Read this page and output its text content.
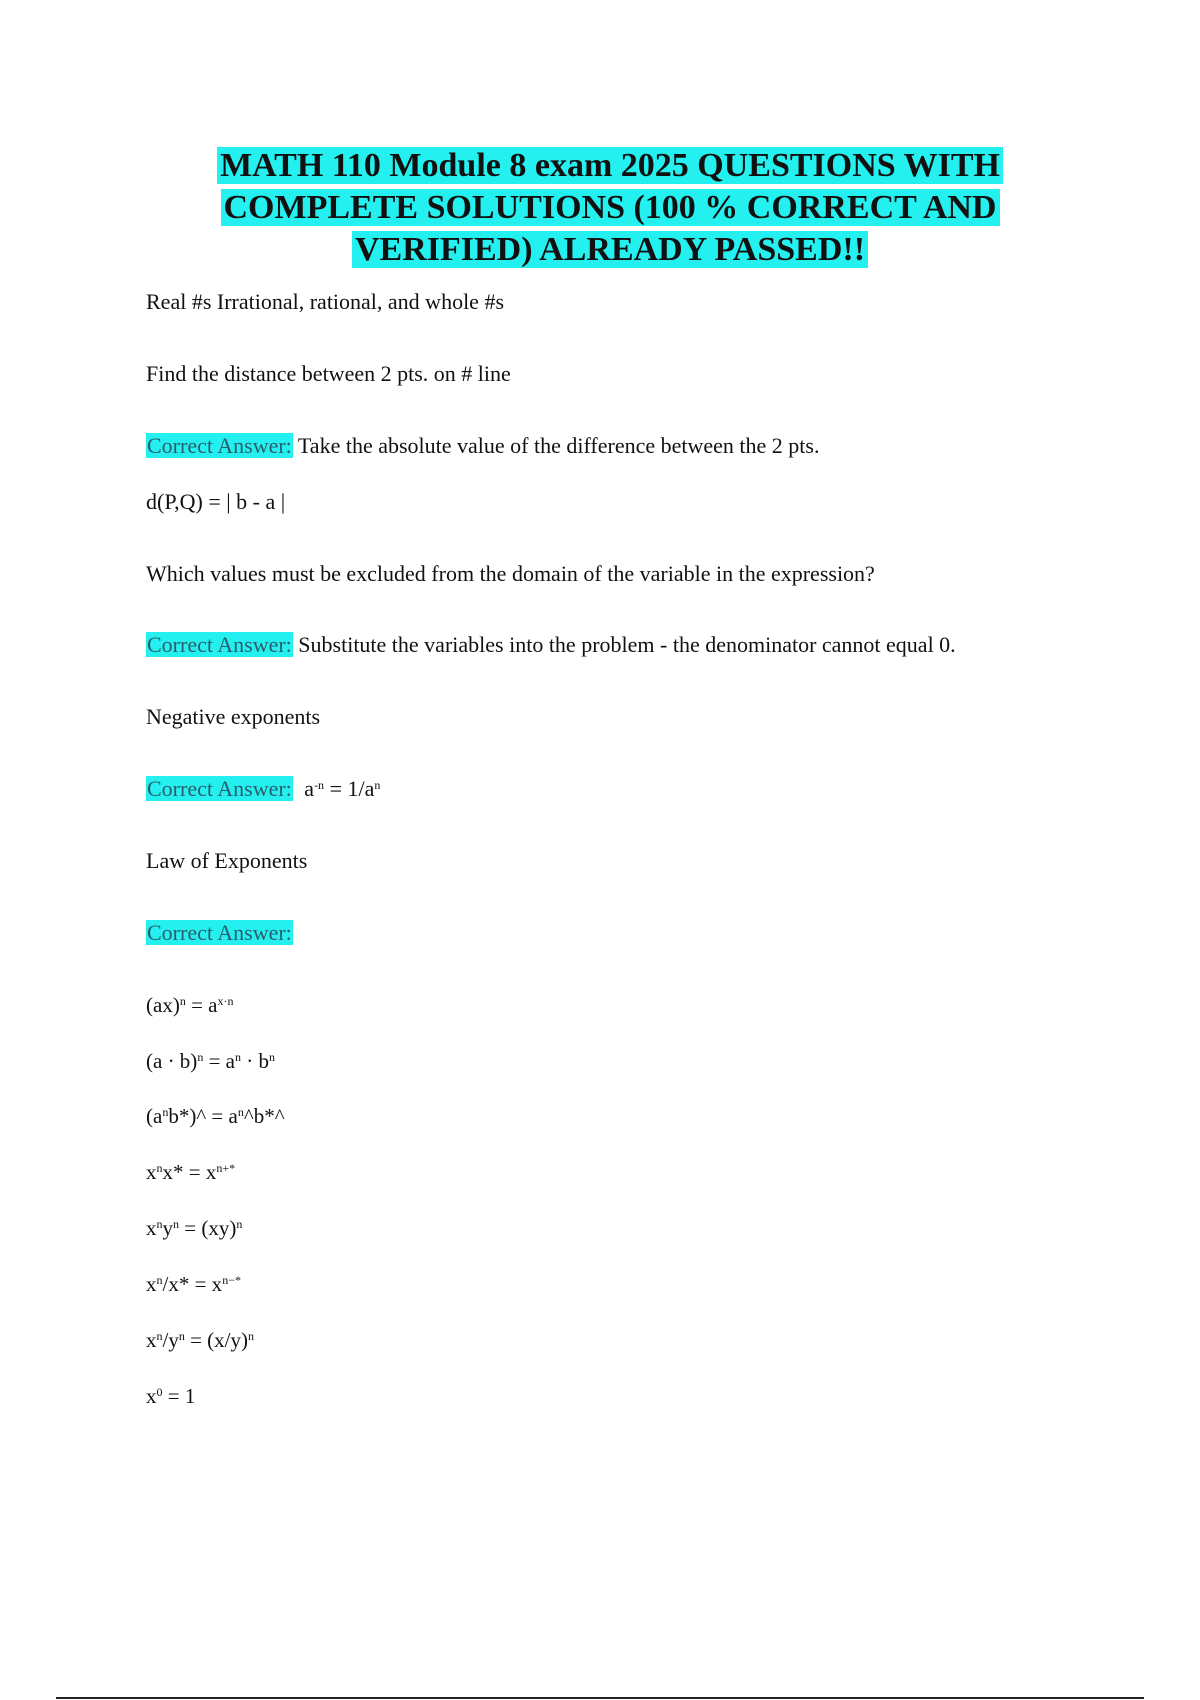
MATH 110 Module 8 exam 2025 QUESTIONS WITH
COMPLETE SOLUTIONS (100 % CORRECT AND
VERIFIED) ALREADY PASSED!!
Real #s Irrational, rational, and whole #s
Find the distance between 2 pts. on # line
Correct Answer: Take the absolute value of the difference between the 2 pts.
d(P,Q) = | b - a |
Which values must be excluded from the domain of the variable in the expression?
Correct Answer: Substitute the variables into the problem - the denominator cannot equal 0.
Negative exponents
Correct Answer: $a^{-n} = 1/a^n$
Law of Exponents
Correct Answer:
$(ax)^n = a^{x\cdot n}$
$(a \cdot b)^n = a^n \cdot b^n$
$(a^nb*)\^{}$ = $a^n\^{}b*\^{}$
$x^nx* = x^{n+*}$
$x^ny^n = (xy)^n$
$x^n/x* = x^{n-*}$
$x^n/y^n = (x/y)^n$
$x^0 = 1$
